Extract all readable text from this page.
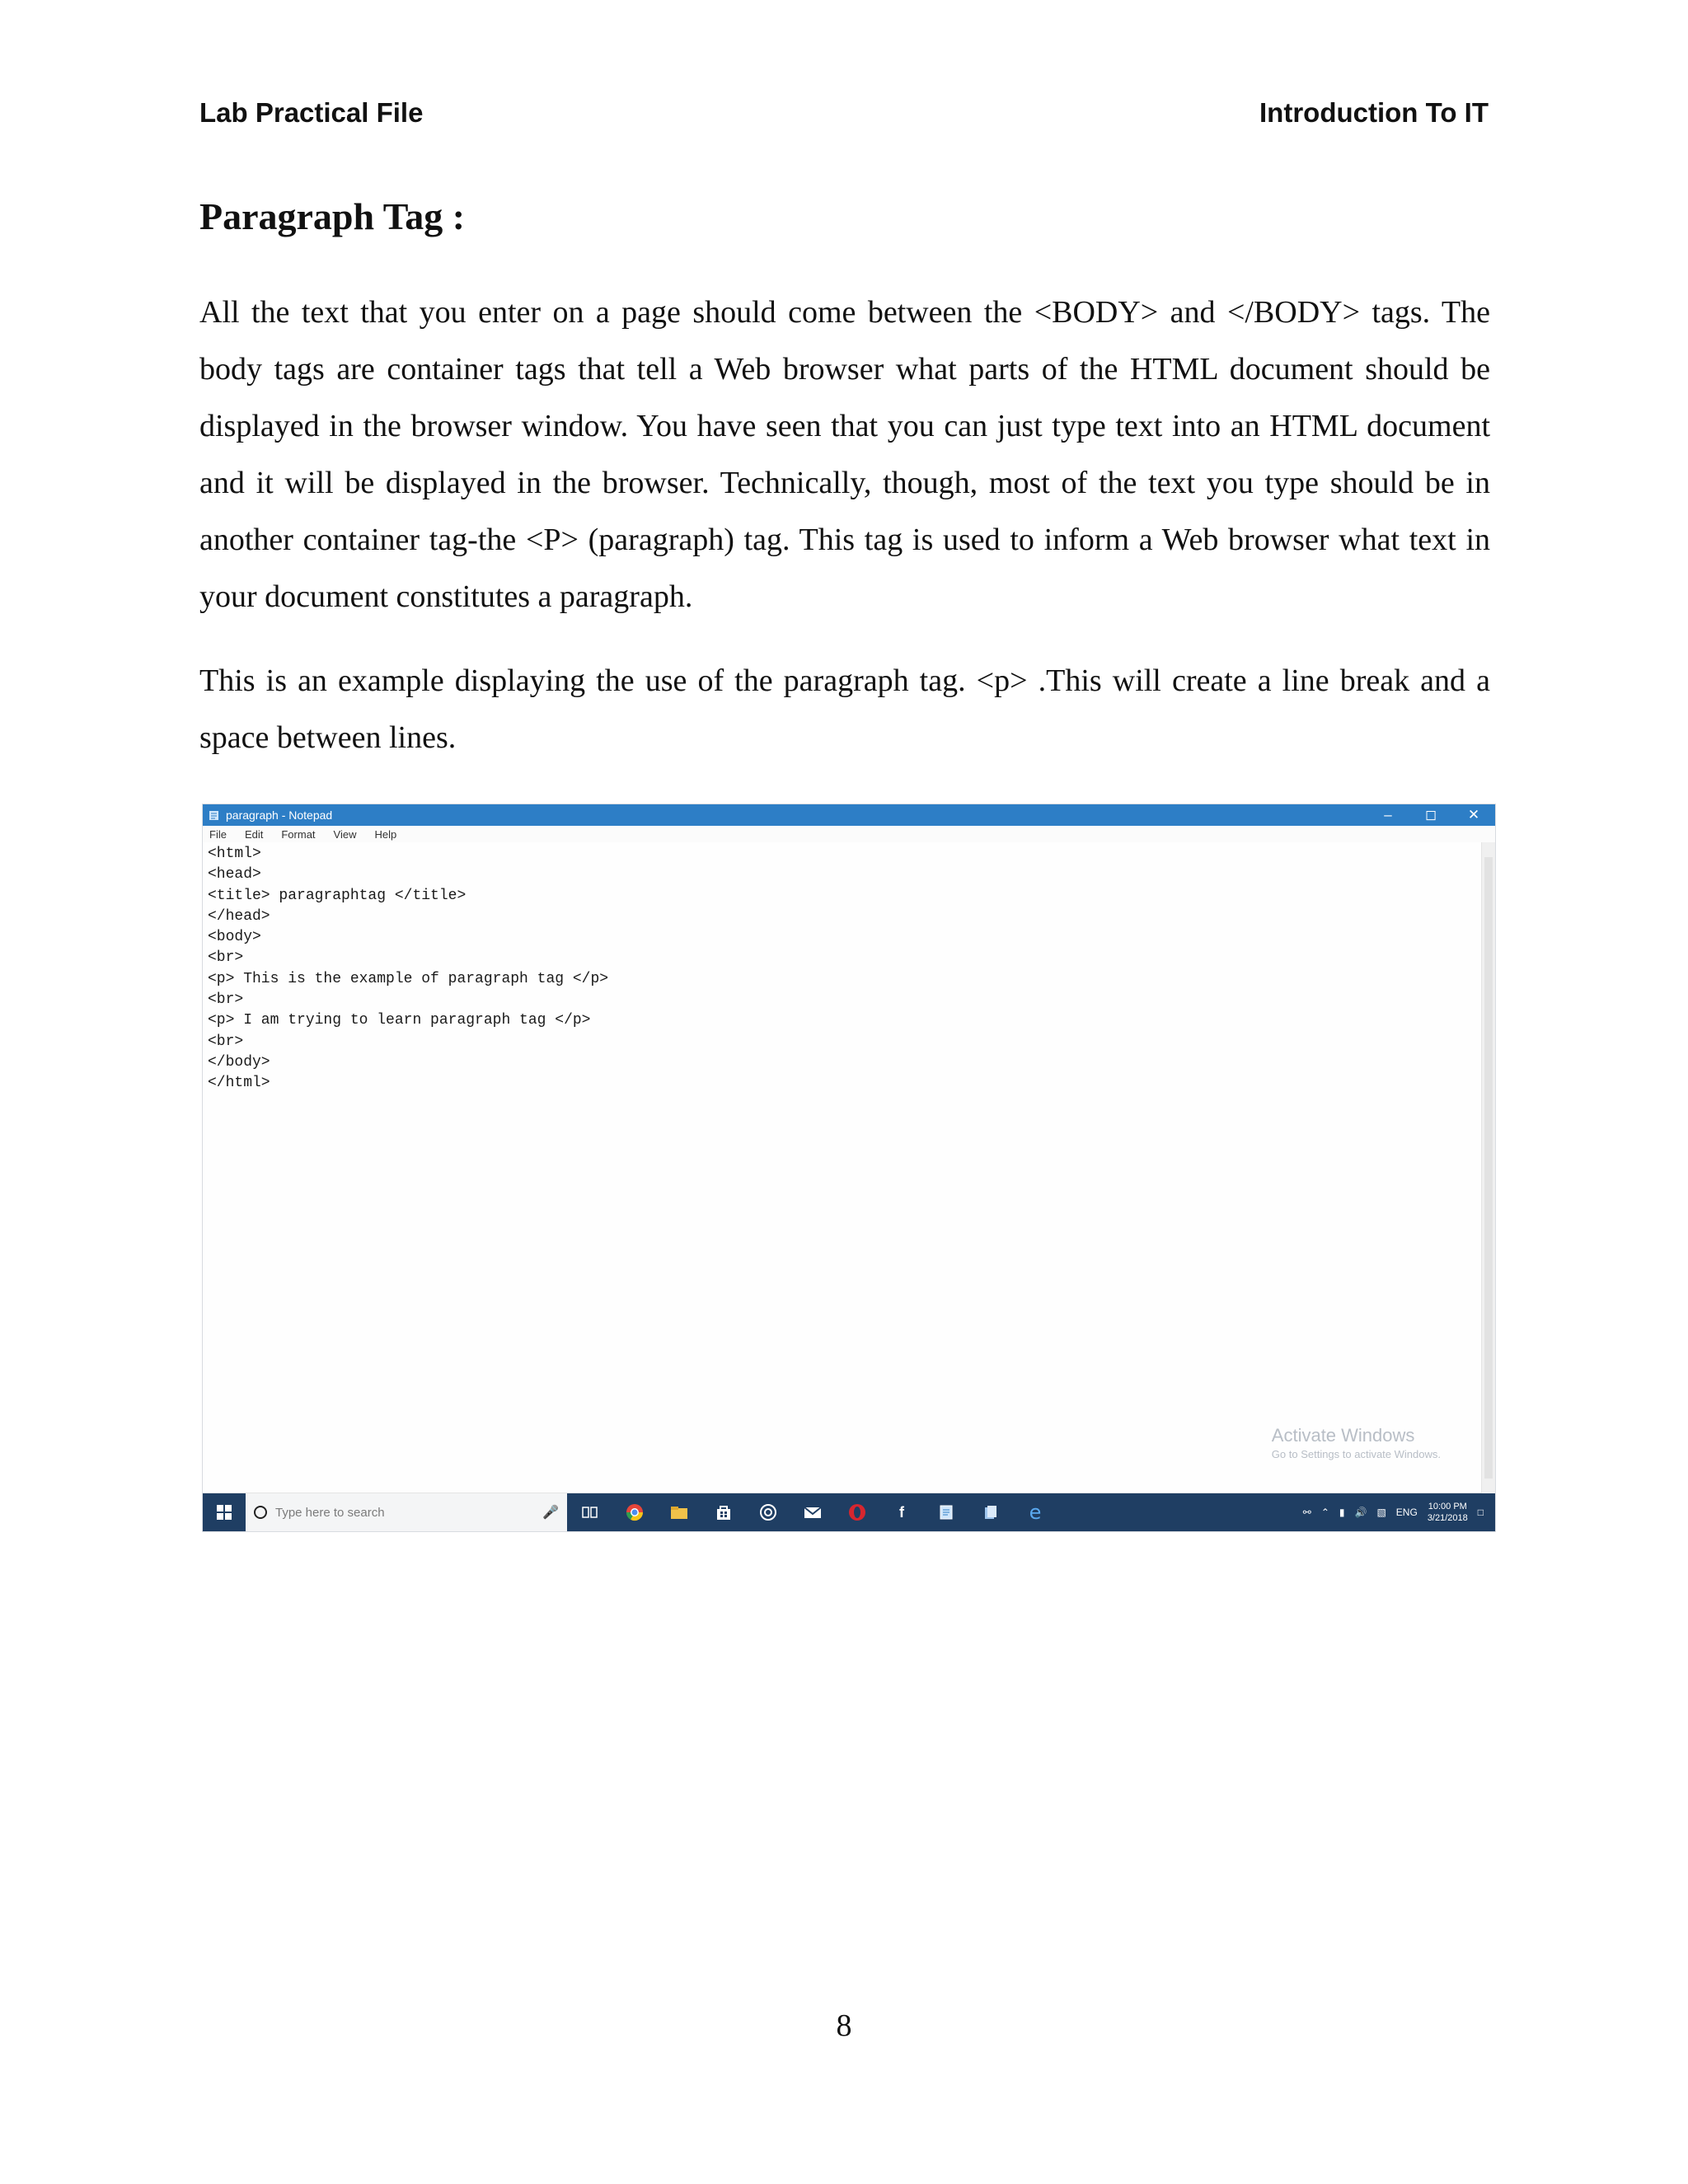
Lab Practical File	Introduction To IT
Paragraph Tag :

All the text that you enter on a page should come between the <BODY> and </BODY> tags. The body tags are container tags that tell a Web browser what parts of the HTML document should be displayed in the browser window. You have seen that you can just type text into an HTML document and it will be displayed in the browser. Technically, though, most of the text you type should be in another container tag-the <P> (paragraph) tag. This tag is used to inform a Web browser what text in your document constitutes a paragraph.

This is an example displaying the use of the paragraph tag. <p> .This will create a line break and a space between lines.

paragraph - Notepad	–	◻	✕
File Edit Format View Help
<html>
<head>
<title> paragraphtag </title>
</head>
<body>
<br>
<p> This is the example of paragraph tag </p>
<br>
<p> I am trying to learn paragraph tag </p>
<br>
</body>
</html>
Activate Windows
Go to Settings to activate Windows.
Type here to search	🎤	f	e	⚯ ⌃ ▮ 🔊 ▧ ENG 10:00 PM
3/21/2018 □
8
